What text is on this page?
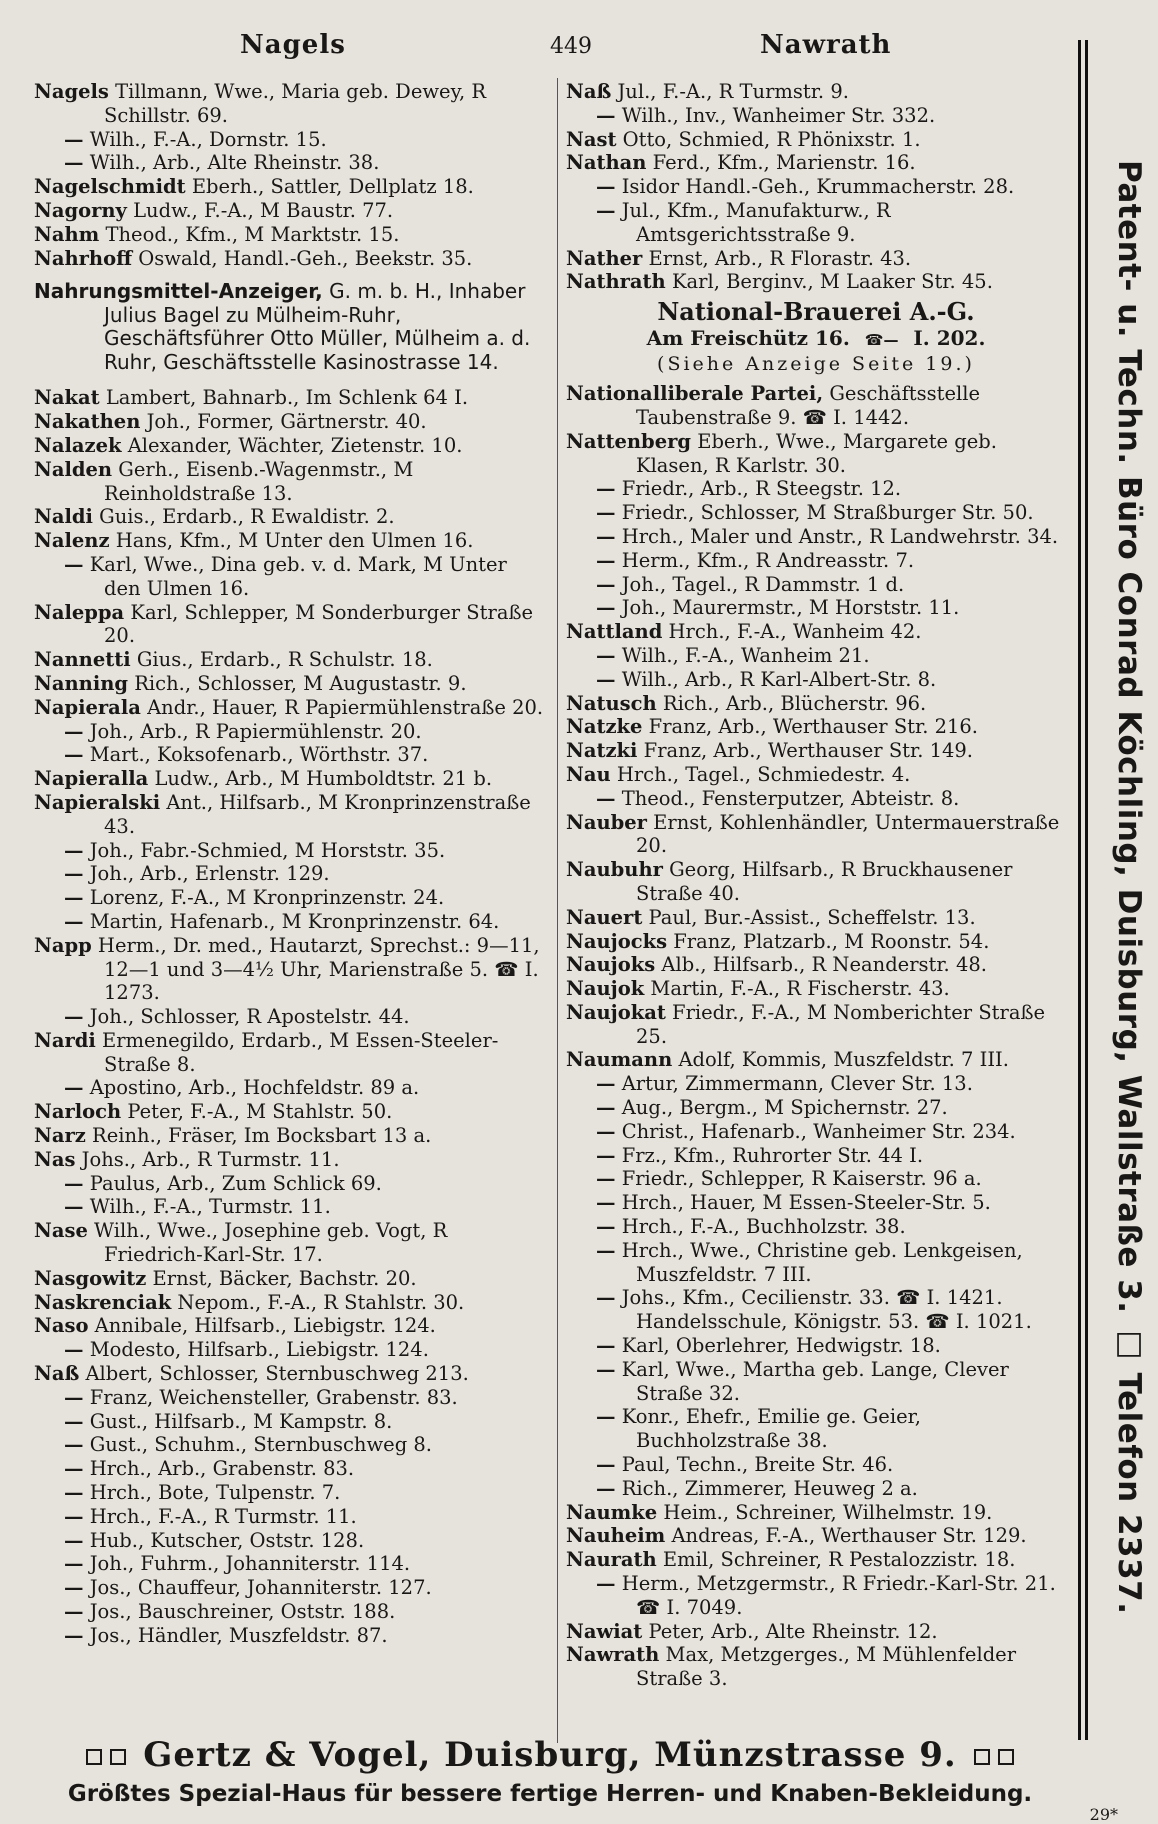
Nagels	449	Nawrath

Nagels Tillmann, Wwe., Maria geb. Dewey, R Schillstr. 69.

— Wilh., F.-A., Dornstr. 15.

— Wilh., Arb., Alte Rheinstr. 38.

Nagelschmidt Eberh., Sattler, Dellplatz 18.

Nagorny Ludw., F.-A., M Baustr. 77.

Nahm Theod., Kfm., M Marktstr. 15.

Nahrhoff Oswald, Handl.-Geh., Beekstr. 35.

Nahrungsmittel-Anzeiger, G. m. b. H., Inhaber Julius Bagel zu Mülheim-Ruhr, Geschäftsführer Otto Müller, Mülheim a. d. Ruhr, Geschäftsstelle Kasinostrasse 14.

Nakat Lambert, Bahnarb., Im Schlenk 64 I.

Nakathen Joh., Former, Gärtnerstr. 40.

Nalazek Alexander, Wächter, Zietenstr. 10.

Nalden Gerh., Eisenb.-Wagenmstr., M Reinholdstraße 13.

Naldi Guis., Erdarb., R Ewaldistr. 2.

Nalenz Hans, Kfm., M Unter den Ulmen 16.

— Karl, Wwe., Dina geb. v. d. Mark, M Unter den Ulmen 16.

Naleppa Karl, Schlepper, M Sonderburger Straße 20.

Nannetti Gius., Erdarb., R Schulstr. 18.

Nanning Rich., Schlosser, M Augustastr. 9.

Napierala Andr., Hauer, R Papiermühlenstraße 20.

— Joh., Arb., R Papiermühlenstr. 20.

— Mart., Koksofenarb., Wörthstr. 37.

Napieralla Ludw., Arb., M Humboldtstr. 21 b.

Napieralski Ant., Hilfsarb., M Kronprinzenstraße 43.

— Joh., Fabr.-Schmied, M Horststr. 35.

— Joh., Arb., Erlenstr. 129.

— Lorenz, F.-A., M Kronprinzenstr. 24.

— Martin, Hafenarb., M Kronprinzenstr. 64.

Napp Herm., Dr. med., Hautarzt, Sprechst.: 9—11, 12—1 und 3—4½ Uhr, Marienstraße 5. ☎ I. 1273.

— Joh., Schlosser, R Apostelstr. 44.

Nardi Ermenegildo, Erdarb., M Essen-Steeler-Straße 8.

— Apostino, Arb., Hochfeldstr. 89 a.

Narloch Peter, F.-A., M Stahlstr. 50.

Narz Reinh., Fräser, Im Bocksbart 13 a.

Nas Johs., Arb., R Turmstr. 11.

— Paulus, Arb., Zum Schlick 69.

— Wilh., F.-A., Turmstr. 11.

Nase Wilh., Wwe., Josephine geb. Vogt, R Friedrich-Karl-Str. 17.

Nasgowitz Ernst, Bäcker, Bachstr. 20.

Naskrenciak Nepom., F.-A., R Stahlstr. 30.

Naso Annibale, Hilfsarb., Liebigstr. 124.

— Modesto, Hilfsarb., Liebigstr. 124.

Naß Albert, Schlosser, Sternbuschweg 213.

— Franz, Weichensteller, Grabenstr. 83.

— Gust., Hilfsarb., M Kampstr. 8.

— Gust., Schuhm., Sternbuschweg 8.

— Hrch., Arb., Grabenstr. 83.

— Hrch., Bote, Tulpenstr. 7.

— Hrch., F.-A., R Turmstr. 11.

— Hub., Kutscher, Oststr. 128.

— Joh., Fuhrm., Johanniterstr. 114.

— Jos., Chauffeur, Johanniterstr. 127.

— Jos., Bauschreiner, Oststr. 188.

— Jos., Händler, Muszfeldstr. 87.

Naß Jul., F.-A., R Turmstr. 9.

— Wilh., Inv., Wanheimer Str. 332.

Nast Otto, Schmied, R Phönixstr. 1.

Nathan Ferd., Kfm., Marienstr. 16.

— Isidor Handl.-Geh., Krummacherstr. 28.

— Jul., Kfm., Manufakturw., R Amtsgerichtsstraße 9.

Nather Ernst, Arb., R Florastr. 43.

Nathrath Karl, Berginv., M Laaker Str. 45.

National-Brauerei A.-G.
Am Freischütz 16. ☎— I. 202.
(Siehe Anzeige Seite 19.)

Nationalliberale Partei, Geschäftsstelle Taubenstraße 9. ☎ I. 1442.

Nattenberg Eberh., Wwe., Margarete geb. Klasen, R Karlstr. 30.

— Friedr., Arb., R Steegstr. 12.

— Friedr., Schlosser, M Straßburger Str. 50.

— Hrch., Maler und Anstr., R Landwehrstr. 34.

— Herm., Kfm., R Andreasstr. 7.

— Joh., Tagel., R Dammstr. 1 d.

— Joh., Maurermstr., M Horststr. 11.

Nattland Hrch., F.-A., Wanheim 42.

— Wilh., F.-A., Wanheim 21.

— Wilh., Arb., R Karl-Albert-Str. 8.

Natusch Rich., Arb., Blücherstr. 96.

Natzke Franz, Arb., Werthauser Str. 216.

Natzki Franz, Arb., Werthauser Str. 149.

Nau Hrch., Tagel., Schmiedestr. 4.

— Theod., Fensterputzer, Abteistr. 8.

Nauber Ernst, Kohlenhändler, Untermauerstraße 20.

Naubuhr Georg, Hilfsarb., R Bruckhausener Straße 40.

Nauert Paul, Bur.-Assist., Scheffelstr. 13.

Naujocks Franz, Platzarb., M Roonstr. 54.

Naujoks Alb., Hilfsarb., R Neanderstr. 48.

Naujok Martin, F.-A., R Fischerstr. 43.

Naujokat Friedr., F.-A., M Nomberichter Straße 25.

Naumann Adolf, Kommis, Muszfeldstr. 7 III.

— Artur, Zimmermann, Clever Str. 13.

— Aug., Bergm., M Spichernstr. 27.

— Christ., Hafenarb., Wanheimer Str. 234.

— Frz., Kfm., Ruhrorter Str. 44 I.

— Friedr., Schlepper, R Kaiserstr. 96 a.

— Hrch., Hauer, M Essen-Steeler-Str. 5.

— Hrch., F.-A., Buchholzstr. 38.

— Hrch., Wwe., Christine geb. Lenkgeisen, Muszfeldstr. 7 III.

— Johs., Kfm., Cecilienstr. 33. ☎ I. 1421. Handelsschule, Königstr. 53. ☎ I. 1021.

— Karl, Oberlehrer, Hedwigstr. 18.

— Karl, Wwe., Martha geb. Lange, Clever Straße 32.

— Konr., Ehefr., Emilie ge. Geier, Buchholzstraße 38.

— Paul, Techn., Breite Str. 46.

— Rich., Zimmerer, Heuweg 2 a.

Naumke Heim., Schreiner, Wilhelmstr. 19.

Nauheim Andreas, F.-A., Werthauser Str. 129.

Naurath Emil, Schreiner, R Pestalozzistr. 18.

— Herm., Metzgermstr., R Friedr.-Karl-Str. 21. ☎ I. 7049.

Nawiat Peter, Arb., Alte Rheinstr. 12.

Nawrath Max, Metzgerges., M Mühlenfelder Straße 3.

Patent- u. Techn. Büro Conrad Köchling, Duisburg, Wallstraße 3. □ Telefon 2337.
Gertz & Vogel, Duisburg, Münzstrasse 9.
Größtes Spezial-Haus für bessere fertige Herren- und Knaben-Bekleidung.
29*
